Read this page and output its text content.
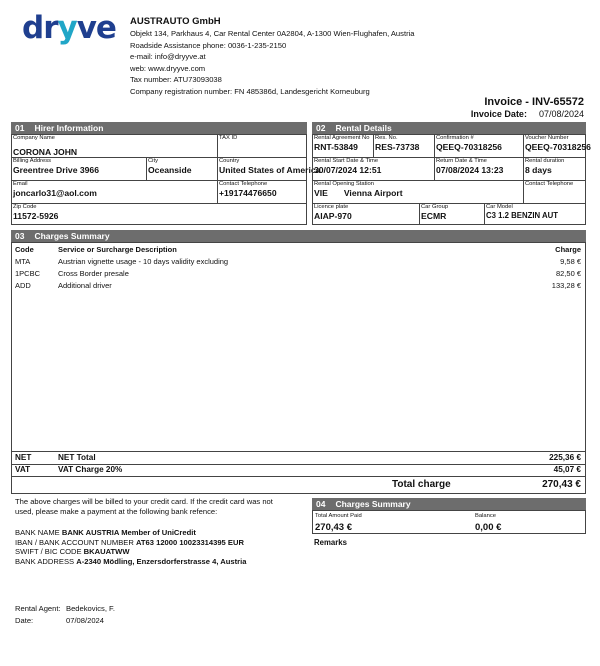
dryve AUSTRAUTO GmbH
Objekt 134, Parkhaus 4, Car Rental Center 0A2804, A-1300 Wien-Flughafen, Austria
Roadside Assistance phone: 0036-1-235-2150
e-mail: info@dryyve.at
web: www.dryyve.com
Tax number: ATU73093038
Company registration number: FN 485386d, Landesgericht Korneuburg
Invoice - INV-65572
Invoice Date: 07/08/2024
01 Hirer Information
Company Name
CORONA JOHN
TAX ID
Billing Address
Greentree Drive 3966
City
Oceanside
Country
United States of America
Email
joncarlo31@aol.com
Contact Telephone
+19174476650
Zip Code
11572-5926
02 Rental Details
Rental Agreement No
RNT-53849
Res. No.
RES-73738
Confirmation #
QEEQ-70318256
Voucher Number
QEEQ-70318256
Rental Start Date & Time
30/07/2024 12:51
Return Date & Time
07/08/2024 13:23
Rental duration
8 days
Rental Opening Station
VIE Vienna Airport
Contact Telephone
Licence plate
AIAP-970
Car Group
ECMR
Car Model
C3 1.2 BENZIN AUT
03 Charges Summary
Code	Service or Surcharge Description	Charge
MTA	Austrian vignette usage - 10 days validity excluding	9,58 €
1PCBC Cross Border presale	82,50 €
ADD	Additional driver	133,28 €
NET	NET Total	225,36 €
VAT	VAT Charge 20%	45,07 €
Total charge	270,43 €
The above charges will be billed to your credit card. If the credit card was not
used, please make a payment at the following bank refence:
BANK NAME BANK AUSTRIA Member of UniCredit
IBAN / BANK ACCOUNT NUMBER AT63 12000 10023314395 EUR
SWIFT / BIC CODE BKAUATWW
BANK ADDRESS A-2340 Mödling, Enzersdorferstrasse 4, Austria
04 Charges Summary
Total Amount Paid
270,43 €
Balance
0,00 €
Remarks
Rental Agent: Bedekovics, F.
Date:	07/08/2024
